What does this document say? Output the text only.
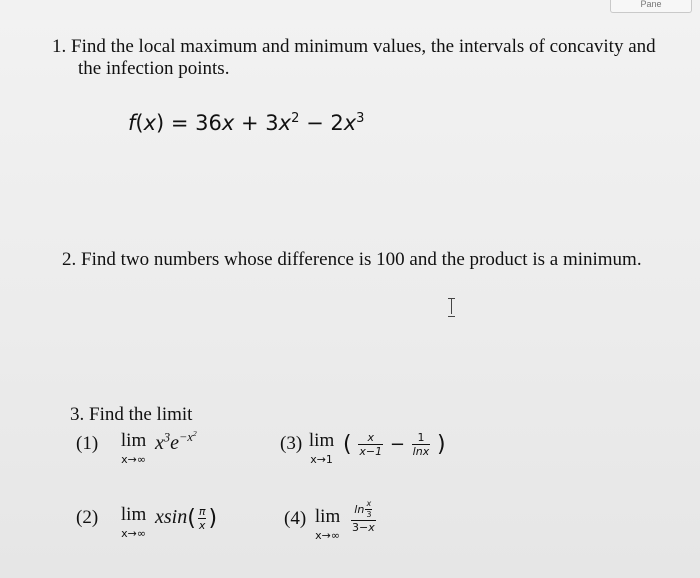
Pane
1. Find the local maximum and minimum values, the intervals of concavity and
the infection points.
$f(x) = 36x + 3x^2 - 2x^3$
2. Find two numbers whose difference is 100 and the product is a minimum.
3. Find the limit
(1) lim
x→∞
$x^3e^{-x^2}$	(3) lim
x→1
( $\frac{x}{x-1} - \frac{1}{\ln x}$ )
(2) lim
x→∞
$xsin( \frac{\pi}{x}$ )	(4) lim
x→∞

$\frac{\ln \frac{x}{3}}{3-x}$
